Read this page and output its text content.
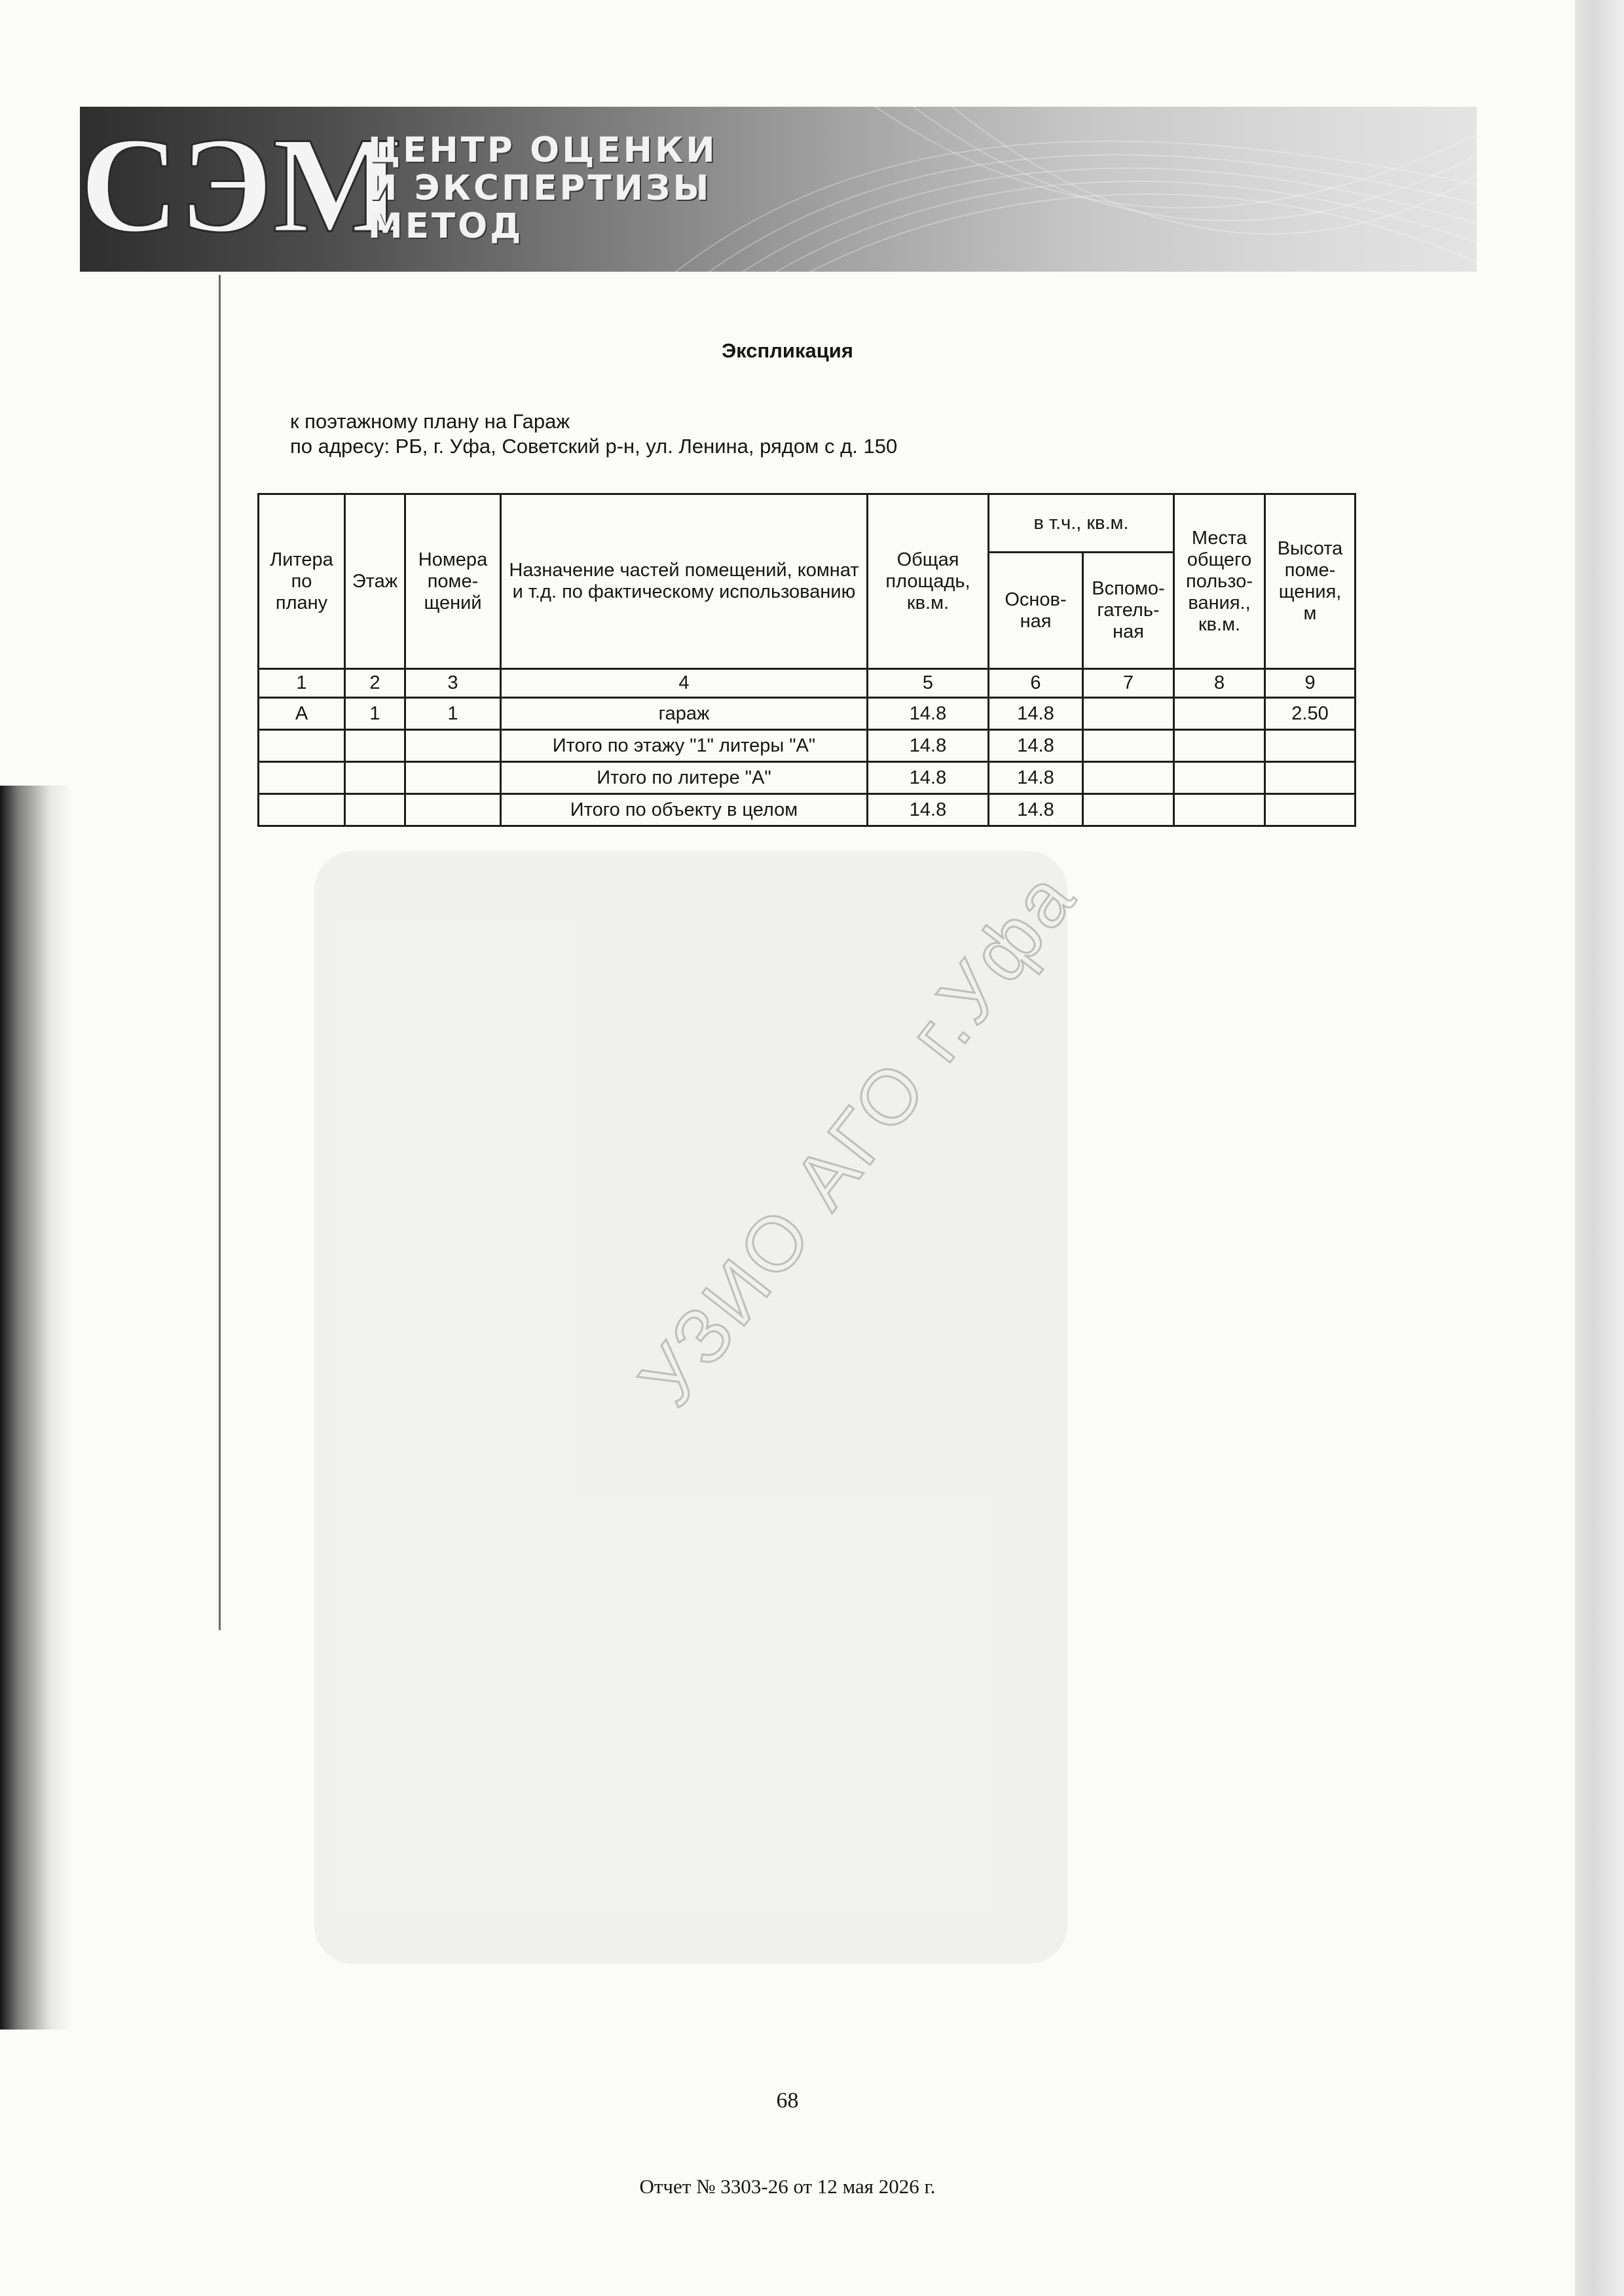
СЭМ
ЦЕНТР ОЦЕНКИ
И ЭКСПЕРТИЗЫ
МЕТОД
Экспликация
к поэтажному плану на Гараж
по адресу: РБ, г. Уфа, Советский р-н, ул. Ленина, рядом с д. 150
Литера по плану	Этаж	Номера поме-щений	Назначение частей помещений, комнат и т.д. по фактическому использованию	Общая площадь, кв.м.	в т.ч., кв.м.		Места общего пользо-вания., кв.м.	Высота поме-щения, м
					Основ-ная	Вспомо-гатель-ная		
1	2	3	4	5	6	7	8	9
А	1	1	гараж	14.8	14.8			2.50
			Итого по этажу "1" литеры "А"	14.8	14.8			
			Итого по литере "А"	14.8	14.8			
			Итого по объекту в целом	14.8	14.8			
УЗИО АГО г.Уфа
68
Отчет № 3303-26 от 12 мая 2026 г.
